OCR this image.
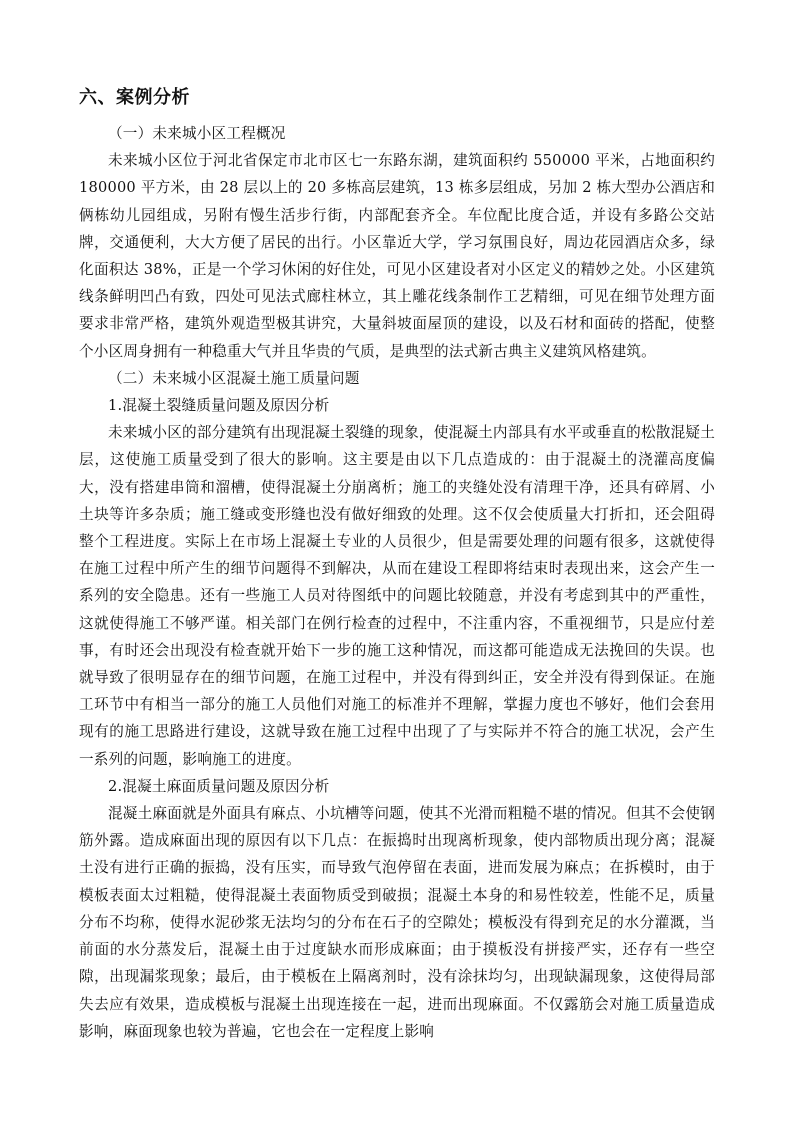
六、案例分析

（一）未来城小区工程概况

未来城小区位于河北省保定市北市区七一东路东湖，建筑面积约 550000 平米，占地面积约 180000 平方米，由 28 层以上的 20 多栋高层建筑，13 栋多层组成，另加 2 栋大型办公酒店和俩栋幼儿园组成，另附有慢生活步行街，内部配套齐全。车位配比度合适，并设有多路公交站牌，交通便利，大大方便了居民的出行。小区靠近大学，学习氛围良好，周边花园酒店众多，绿化面积达 38%，正是一个学习休闲的好住处，可见小区建设者对小区定义的精妙之处。小区建筑线条鲜明凹凸有致，四处可见法式廊柱林立，其上雕花线条制作工艺精细，可见在细节处理方面要求非常严格，建筑外观造型极其讲究，大量斜坡面屋顶的建设，以及石材和面砖的搭配，使整个小区周身拥有一种稳重大气并且华贵的气质，是典型的法式新古典主义建筑风格建筑。

（二）未来城小区混凝土施工质量问题

1.混凝土裂缝质量问题及原因分析

未来城小区的部分建筑有出现混凝土裂缝的现象，使混凝土内部具有水平或垂直的松散混疑土层，这使施工质量受到了很大的影响。这主要是由以下几点造成的：由于混凝土的浇灌高度偏大，没有搭建串筒和溜槽，使得混凝土分崩离析；施工的夹缝处没有清理干净，还具有碎屑、小土块等许多杂质；施工缝或变形缝也没有做好细致的处理。这不仅会使质量大打折扣，还会阻碍整个工程进度。实际上在市场上混凝土专业的人员很少，但是需要处理的问题有很多，这就使得在施工过程中所产生的细节问题得不到解决，从而在建设工程即将结束时表现出来，这会产生一系列的安全隐患。还有一些施工人员对待图纸中的问题比较随意，并没有考虑到其中的严重性，这就使得施工不够严谨。相关部门在例行检查的过程中，不注重内容，不重视细节，只是应付差事，有时还会出现没有检查就开始下一步的施工这种情况，而这都可能造成无法挽回的失误。也就导致了很明显存在的细节问题，在施工过程中，并没有得到纠正，安全并没有得到保证。在施工环节中有相当一部分的施工人员他们对施工的标准并不理解，掌握力度也不够好，他们会套用现有的施工思路进行建设，这就导致在施工过程中出现了了与实际并不符合的施工状况，会产生一系列的问题，影响施工的进度。

2.混凝土麻面质量问题及原因分析

混凝土麻面就是外面具有麻点、小坑槽等问题，使其不光滑而粗糙不堪的情况。但其不会使钢筋外露。造成麻面出现的原因有以下几点：在振捣时出现离析现象，使内部物质出现分离；混凝土没有进行正确的振捣，没有压实，而导致气泡停留在表面，进而发展为麻点；在拆模时，由于模板表面太过粗糙，使得混凝土表面物质受到破损；混凝土本身的和易性较差，性能不足，质量分布不均称，使得水泥砂浆无法均匀的分布在石子的空隙处；模板没有得到充足的水分灌溉，当前面的水分蒸发后，混凝土由于过度缺水而形成麻面；由于摸板没有拼接严实，还存有一些空隙，出现漏浆现象；最后，由于模板在上隔离剂时，没有涂抹均匀，出现缺漏现象，这使得局部失去应有效果，造成模板与混凝土出现连接在一起，进而出现麻面。不仅露筋会对施工质量造成影响，麻面现象也较为普遍，它也会在一定程度上影响
